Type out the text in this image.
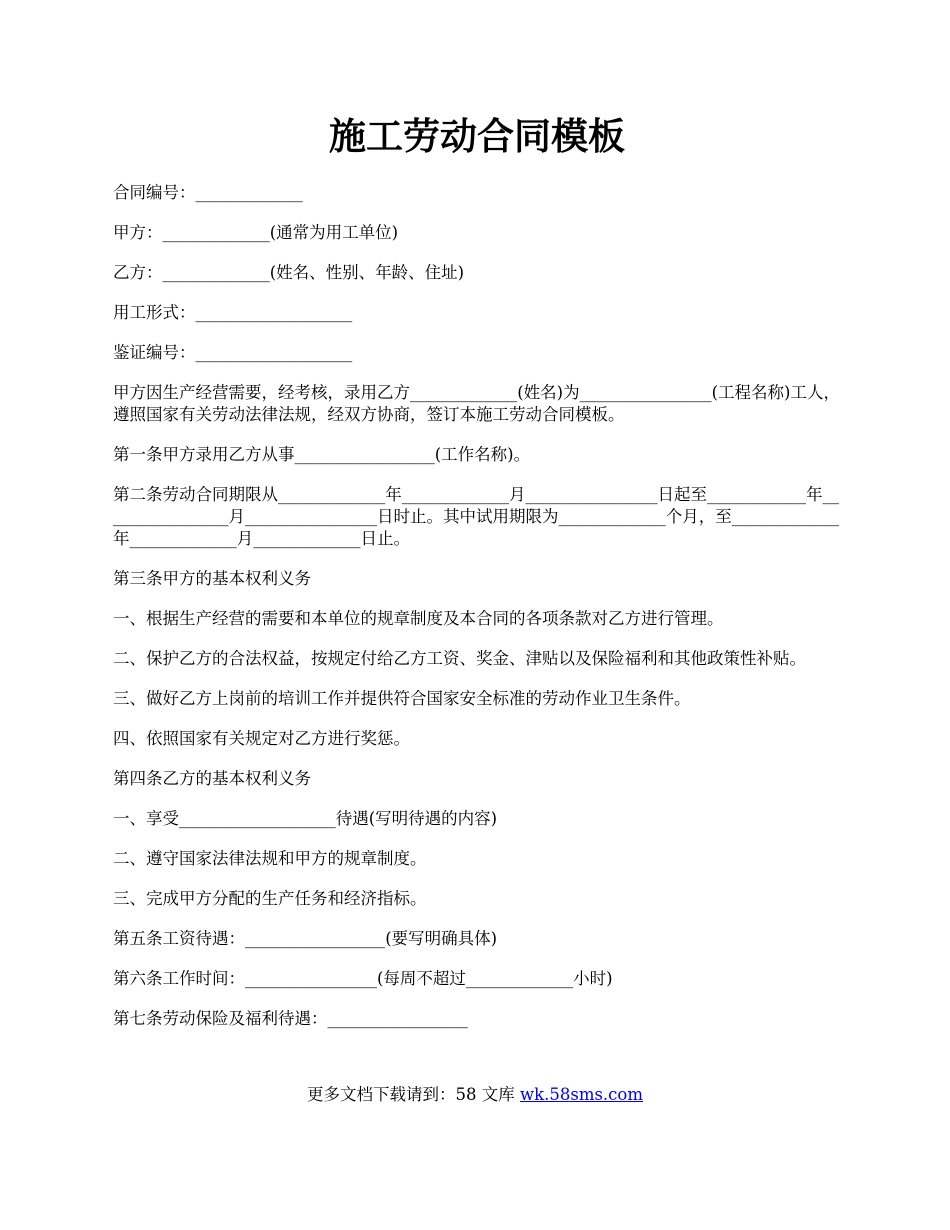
施工劳动合同模板

合同编号：_____________

甲方：_____________(通常为用工单位)

乙方：_____________(姓名、性别、年龄、住址)

用工形式：___________________

鉴证编号：___________________

甲方因生产经营需要，经考核，录用乙方_____________(姓名)为________________(工程名称)工人，遵照国家有关劳动法律法规，经双方协商，签订本施工劳动合同模板。

第一条甲方录用乙方从事_________________(工作名称)。

第二条劳动合同期限从_____________年_____________月________________日起至____________年________________月________________日时止。其中试用期限为_____________个月，至_____________年_____________月_____________日止。

第三条甲方的基本权利义务

一、根据生产经营的需要和本单位的规章制度及本合同的各项条款对乙方进行管理。

二、保护乙方的合法权益，按规定付给乙方工资、奖金、津贴以及保险福利和其他政策性补贴。

三、做好乙方上岗前的培训工作并提供符合国家安全标准的劳动作业卫生条件。

四、依照国家有关规定对乙方进行奖惩。

第四条乙方的基本权利义务

一、享受___________________待遇(写明待遇的内容)

二、遵守国家法律法规和甲方的规章制度。

三、完成甲方分配的生产任务和经济指标。

第五条工资待遇：_________________(要写明确具体)

第六条工作时间：________________(每周不超过_____________小时)

第七条劳动保险及福利待遇：_________________

更多文档下载请到：58 文库 wk.58sms.com
